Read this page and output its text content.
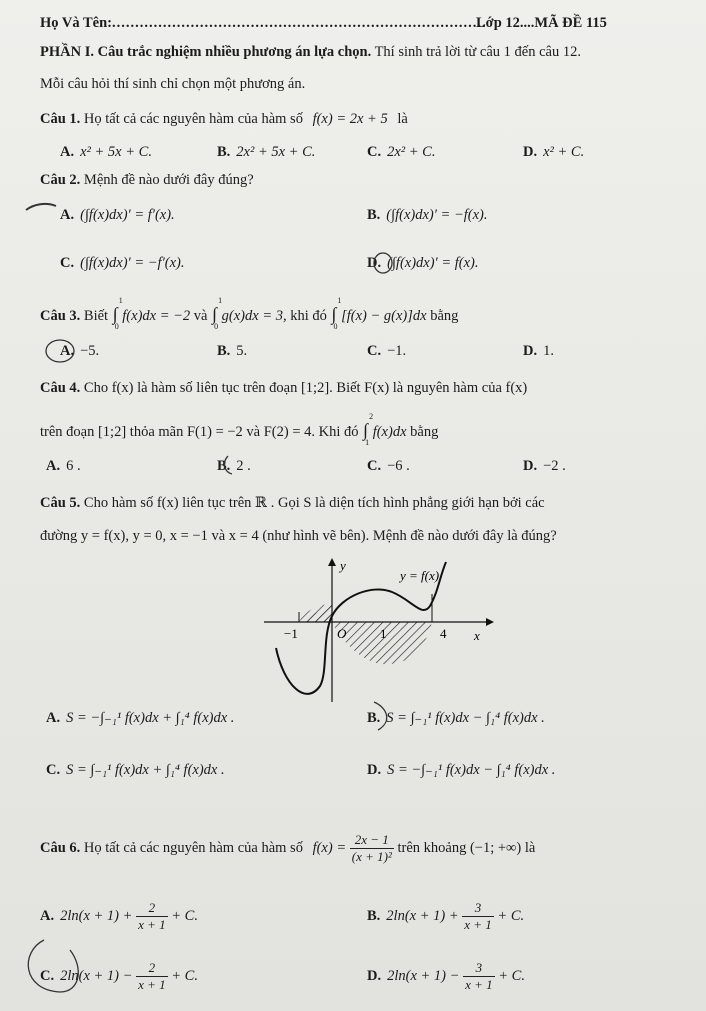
Họ Và Tên:.................................................................................
Lớp 12....MÃ ĐỀ 115
PHẦN I. Câu trắc nghiệm nhiều phương án lựa chọn. Thí sinh trả lời từ câu 1 đến câu 12.
Mỗi câu hỏi thí sinh chỉ chọn một phương án.
Câu 1. Họ tất cả các nguyên hàm của hàm số f(x) = 2x + 5 là
A. x² + 5x + C.	B. 2x² + 5x + C.	C. 2x² + C.	D. x² + C.
Câu 2. Mệnh đề nào dưới đây đúng?
A. (∫f(x)dx)′ = f′(x).	B. (∫f(x)dx)′ = −f(x).
C. (∫f(x)dx)′ = −f′(x).	D. (∫f(x)dx)′ = f(x).
Câu 3. Biết ∫
1
0
f(x)dx = −2 và ∫
1
0
g(x)dx = 3, khi đó ∫
1
0
[f(x) − g(x)]dx bằng
A. −5.	B. 5.	C. −1.	D. 1.
Câu 4. Cho f(x) là hàm số liên tục trên đoạn [1;2]. Biết F(x) là nguyên hàm của f(x)
trên đoạn [1;2] thỏa mãn F(1) = −2 và F(2) = 4. Khi đó ∫
2
1
f(x)dx bằng
A. 6 .	B. 2 .	C. −6 .	D. −2 .
Câu 5. Cho hàm số f(x) liên tục trên ℝ . Gọi S là diện tích hình phẳng giới hạn bởi các
đường y = f(x), y = 0, x = −1 và x = 4 (như hình vẽ bên). Mệnh đề nào dưới đây là đúng?
y
x
y = f(x)
O
−1	1	4
A. S = −∫₋₁¹ f(x)dx + ∫₁⁴ f(x)dx .	B. S = ∫₋₁¹ f(x)dx − ∫₁⁴ f(x)dx .
C. S = ∫₋₁¹ f(x)dx + ∫₁⁴ f(x)dx .	D. S = −∫₋₁¹ f(x)dx − ∫₁⁴ f(x)dx .
Câu 6. Họ tất cả các nguyên hàm của hàm số $f(x) = \frac{2x - 1}{\text{(x + 1)²}}$ trên khoảng (−1; +∞) là
A. $2\ln(x + 1) + \frac{2}{x + 1} + C$.	B. $2\ln(x + 1) + \frac{3}{x + 1} + C$.
C. $2\ln(x + 1) - \frac{2}{x + 1} + C$.	D. $2\ln(x + 1) - \frac{3}{x + 1} + C$.
